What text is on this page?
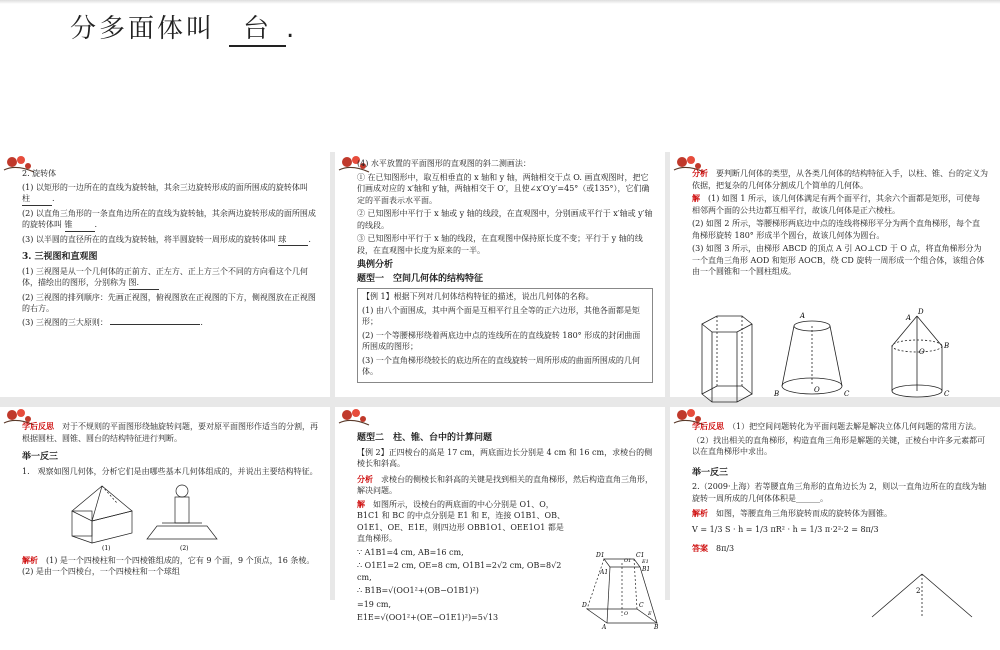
分多面体叫 台 .

2. 旋转体

(1) 以矩形的一边所在的直线为旋转轴，其余三边旋转形成的面所围成的旋转体叫 柱	.

(2) 以直角三角形的一条直角边所在的直线为旋转轴，其余两边旋转形成的面所围成的旋转体叫 锥	.

(3) 以半圆的直径所在的直线为旋转轴，将半圆旋转一周形成的旋转体叫 球	.

3. 三视图和直观图

(1) 三视图是从一个几何体的正前方、正左方、正上方三个不同的方向看这个几何体，描绘出的图形，分别称为 图.

(2) 三视图的排列顺序：先画正视图，俯视图放在正视图的下方，侧视图放在正视图的右方。

(3) 三视图的三大原则：	.

(4) 水平放置的平面图形的直观图的斜二测画法：

① 在已知图形中，取互相垂直的 x 轴和 y 轴，两轴相交于点 O. 画直观图时，把它们画成对应的 x′轴和 y′轴，两轴相交于 O′，且使∠x′O′y′=45°（或135°），它们确定的平面表示水平面。

② 已知图形中平行于 x 轴或 y 轴的线段，在直观图中，分别画成平行于 x′轴或 y′轴的线段。

③ 已知图形中平行于 x 轴的线段，在直观图中保持原长度不变；平行于 y 轴的线段，在直观图中长度为原来的一半。

典例分析

题型一　空间几何体的结构特征

【例 1】根据下列对几何体结构特征的描述，说出几何体的名称。

(1) 由八个面围成，其中两个面是互相平行且全等的正六边形，其他各面都是矩形；

(2) 一个等腰梯形绕着两底边中点的连线所在的直线旋转 180° 形成的封闭曲面所围成的图形；

(3) 一个直角梯形绕较长的底边所在的直线旋转一周所形成的曲面所围成的几何体。

分析　 要判断几何体的类型，从各类几何体的结构特征入手，以柱、锥、台的定义为依据，把复杂的几何体分割成几个简单的几何体。

解　 (1) 如图 1 所示，该几何体满足有两个面平行，其余六个面都是矩形，可使每相邻两个面的公共边都互相平行，故该几何体是正六棱柱。

(2) 如图 2 所示，等腰梯形两底边中点的连线将梯形平分为两个直角梯形，每个直角梯形旋转 180° 形成半个圆台，故该几何体为圆台。

(3) 如图 3 所示，由梯形 ABCD 的顶点 A 引 AO⊥CD 于 O 点，将直角梯形分为一个直角三角形 AOD 和矩形 AOCB，绕 CD 旋转一周形成一个组合体，该组合体由一个圆锥和一个圆柱组成。

A
B	C
O
A
B
C
D
O

学后反思　 对于不规则的平面图形绕轴旋转问题，要对原平面图形作适当的分割，再根据圆柱、圆锥、圆台的结构特征进行判断。

举一反三

1.　观察如图几何体，分析它们是由哪些基本几何体组成的，并说出主要结构特征。

(1)	(2)

解析　 (1) 是一个四棱柱和一个四棱锥组成的，它有 9 个面，9 个顶点，16 条棱。(2) 是由一个四棱台，一个四棱柱和一个球组

题型二　柱、锥、台中的计算问题

【例 2】正四棱台的高是 17 cm，两底面边长分别是 4 cm 和 16 cm，求棱台的侧棱长和斜高。

分析　 求棱台的侧棱长和斜高的关键是找到相关的直角梯形，然后构造直角三角形，解决问题。

解　 如图所示，设棱台的两底面的中心分别是 O1、O，B1C1 和 BC 的中点分别是 E1 和 E，连接 O1B1、OB、O1E1、OE、E1E，则四边形 OBB1O1、OEE1O1 都是直角梯形。

∵ A1B1=4 cm, AB=16 cm,

∴ O1E1=2 cm, OE=8 cm, O1B1=2√2 cm, OB=8√2 cm,

∴ B1B=√(OO1²+(OB−O1B1)²)

=19 cm,

E1E=√(OO1²+(OE−O1E1)²)=5√13

D1	C1
A1	B1
O1 E1
D	C
O	E
A	B

学后反思　 （1）把空间问题转化为平面问题去解是解决立体几何问题的常用方法。

（2）找出相关的直角梯形，构造直角三角形是解题的关键，正棱台中许多元素都可以在直角梯形中求出。

举一反三

2.（2009·上海）若等腰直角三角形的直角边长为 2，则以一直角边所在的直线为轴旋转一周所成的几何体体积是______。

解析　 如图，等腰直角三角形旋转而成的旋转体为圆锥。

V = 1/3 S · h = 1/3 πR² · h = 1/3 π·2²·2 = 8π/3

答案　 8π/3

2
